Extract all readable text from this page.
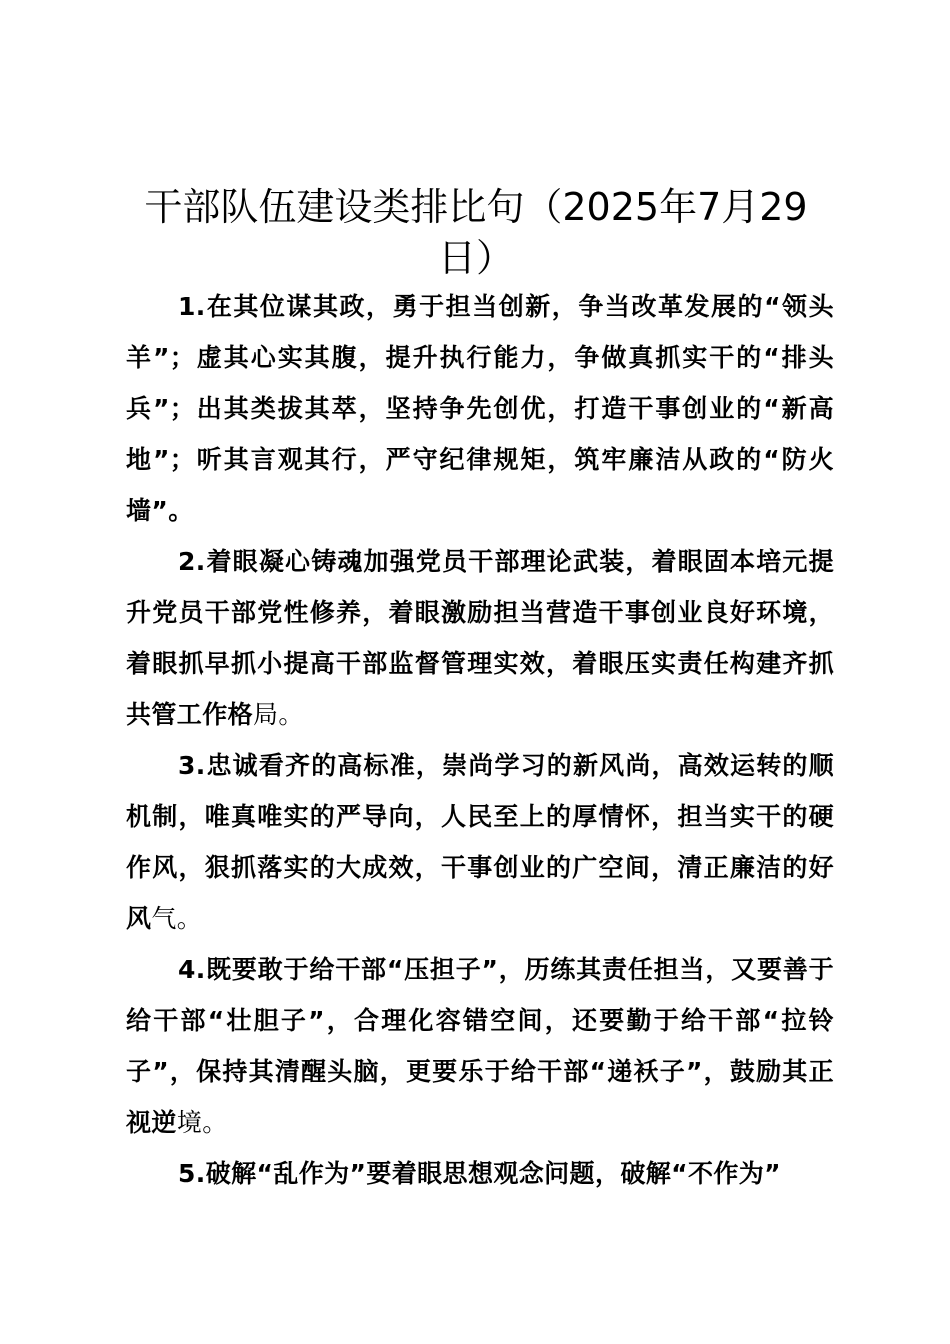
干部队伍建设类排比句（2025年7月29日）

1.在其位谋其政，勇于担当创新，争当改革发展的“领头羊”；虚其心实其腹，提升执行能力，争做真抓实干的“排头兵”；出其类拔其萃，坚持争先创优，打造干事创业的“新高地”；听其言观其行，严守纪律规矩，筑牢廉洁从政的“防火墙”。

2.着眼凝心铸魂加强党员干部理论武装，着眼固本培元提升党员干部党性修养，着眼激励担当营造干事创业良好环境，着眼抓早抓小提高干部监督管理实效，着眼压实责任构建齐抓共管工作格局。

3.忠诚看齐的高标准，崇尚学习的新风尚，高效运转的顺机制，唯真唯实的严导向，人民至上的厚情怀，担当实干的硬作风，狠抓落实的大成效，干事创业的广空间，清正廉洁的好风气。

4.既要敢于给干部“压担子”，历练其责任担当，又要善于给干部“壮胆子”，合理化容错空间，还要勤于给干部“拉铃子”，保持其清醒头脑，更要乐于给干部“递袄子”，鼓励其正视逆境。

5.破解“乱作为”要着眼思想观念问题，破解“不作为”
